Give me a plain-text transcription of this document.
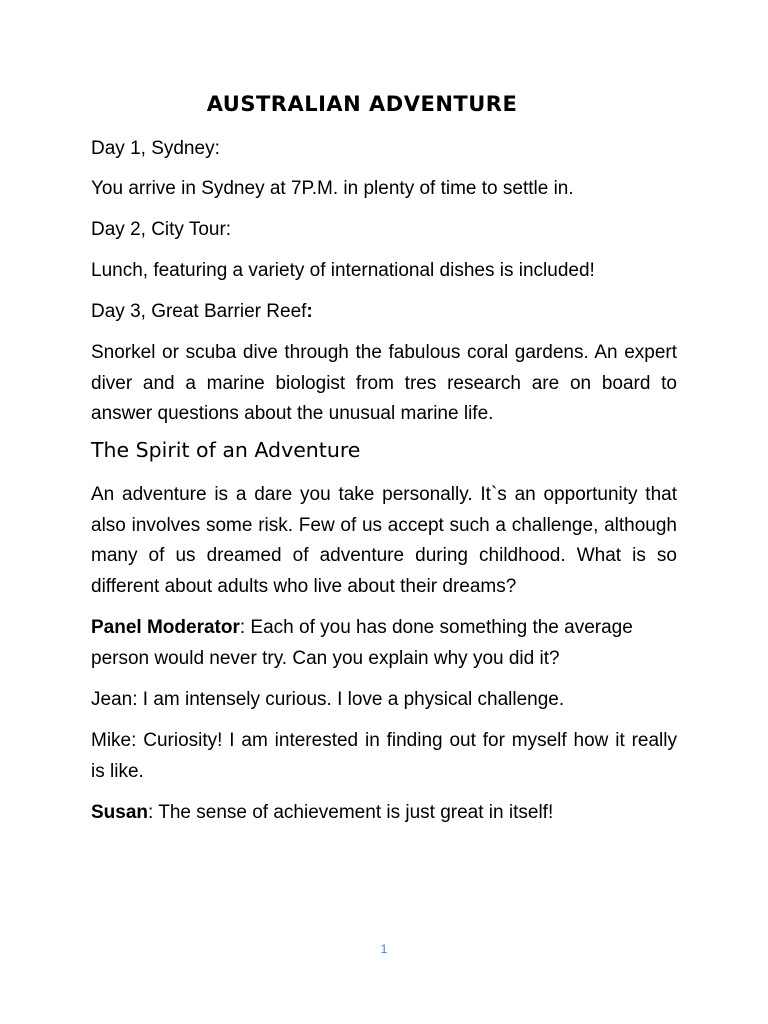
AUSTRALIAN ADVENTURE

Day 1, Sydney:

You arrive in Sydney at 7P.M. in plenty of time to settle in.

Day 2, City Tour:

Lunch, featuring a variety of international dishes is included!

Day 3, Great Barrier Reef:

Snorkel or scuba dive through the fabulous coral gardens. An expert diver and a marine biologist from tres research are on board to answer questions about the unusual marine life.

The Spirit of an Adventure

An adventure is a dare you take personally. It`s an opportunity that also involves some risk. Few of us accept such a challenge, although many of us dreamed of adventure during childhood. What is so different about adults who live about their dreams?

Panel Moderator: Each of you has done something the average person would never try. Can you explain why you did it?

Jean: I am intensely curious. I love a physical challenge.

Mike: Curiosity! I am interested in finding out for myself how it really is like.

Susan: The sense of achievement is just great in itself!

1
